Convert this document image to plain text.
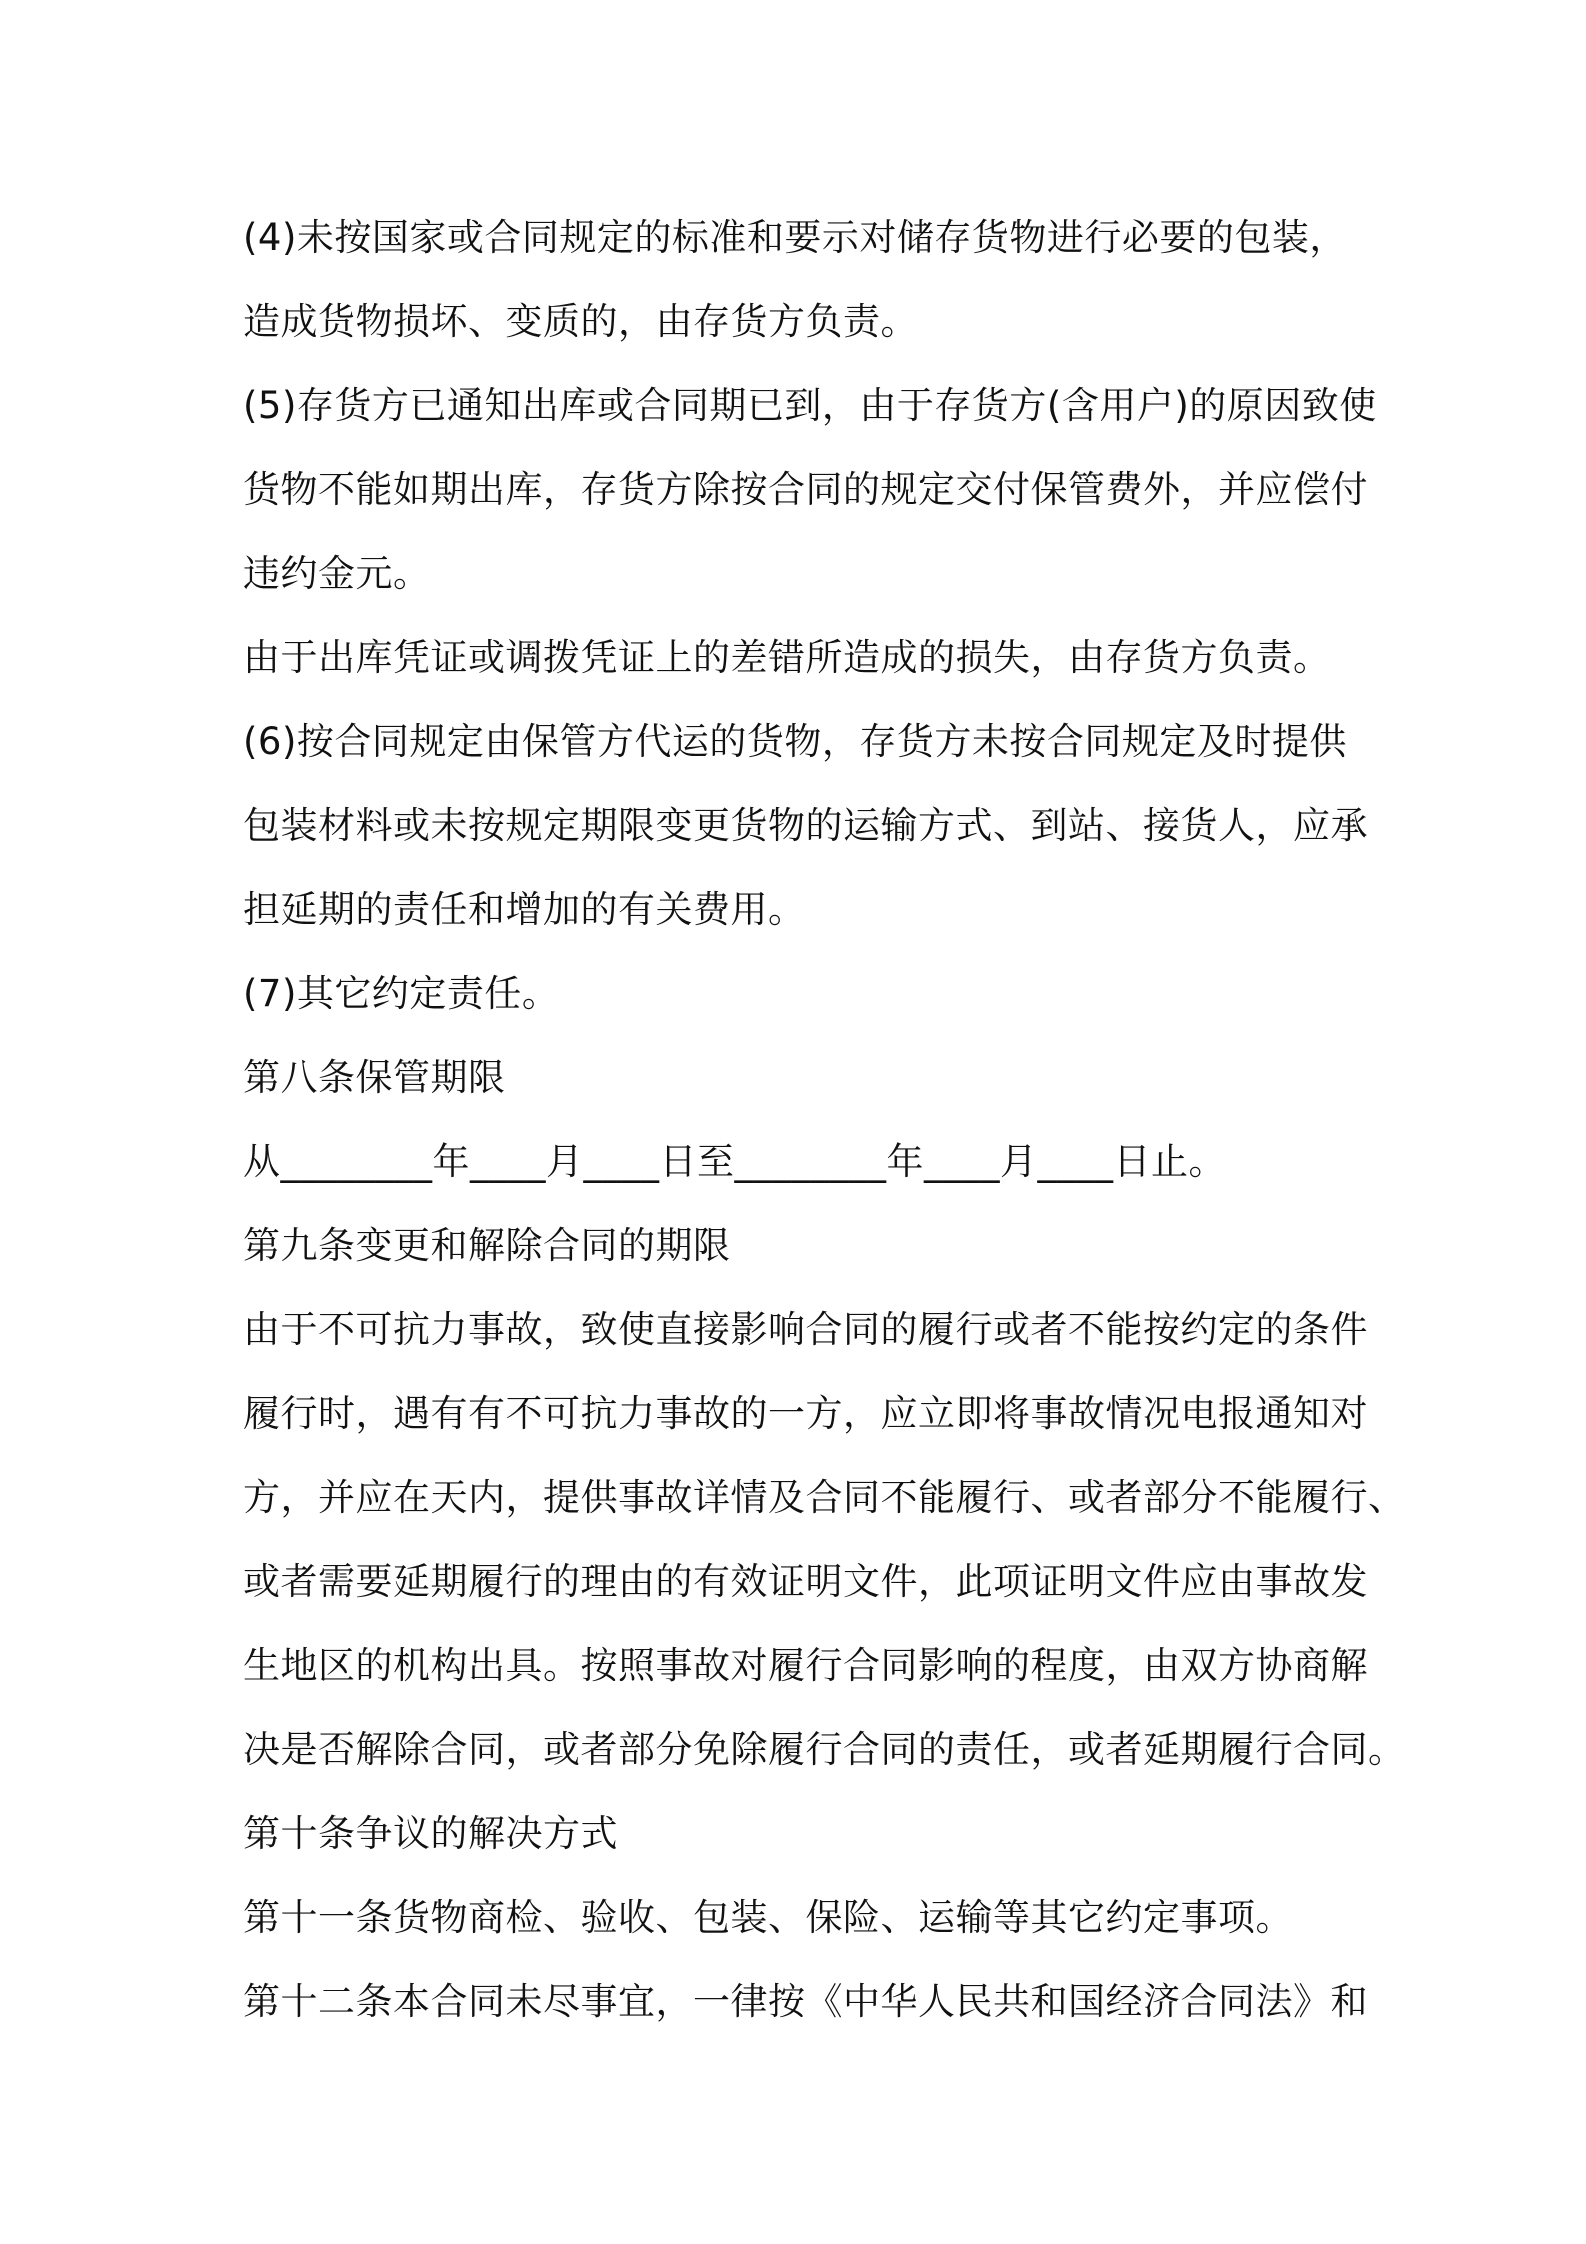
(4)未按国家或合同规定的标准和要示对储存货物进行必要的包装，
造成货物损坏、变质的，由存货方负责。
(5)存货方已通知出库或合同期已到，由于存货方(含用户)的原因致使
货物不能如期出库，存货方除按合同的规定交付保管费外，并应偿付
违约金元。
由于出库凭证或调拨凭证上的差错所造成的损失，由存货方负责。
(6)按合同规定由保管方代运的货物，存货方未按合同规定及时提供
包装材料或未按规定期限变更货物的运输方式、到站、接货人，应承
担延期的责任和增加的有关费用。
(7)其它约定责任。
第八条保管期限
从________年____月____日至________年____月____日止。
第九条变更和解除合同的期限
由于不可抗力事故，致使直接影响合同的履行或者不能按约定的条件
履行时，遇有有不可抗力事故的一方，应立即将事故情况电报通知对
方，并应在天内，提供事故详情及合同不能履行、或者部分不能履行、
或者需要延期履行的理由的有效证明文件，此项证明文件应由事故发
生地区的机构出具。按照事故对履行合同影响的程度，由双方协商解
决是否解除合同，或者部分免除履行合同的责任，或者延期履行合同。
第十条争议的解决方式
第十一条货物商检、验收、包装、保险、运输等其它约定事项。
第十二条本合同未尽事宜，一律按《中华人民共和国经济合同法》和
